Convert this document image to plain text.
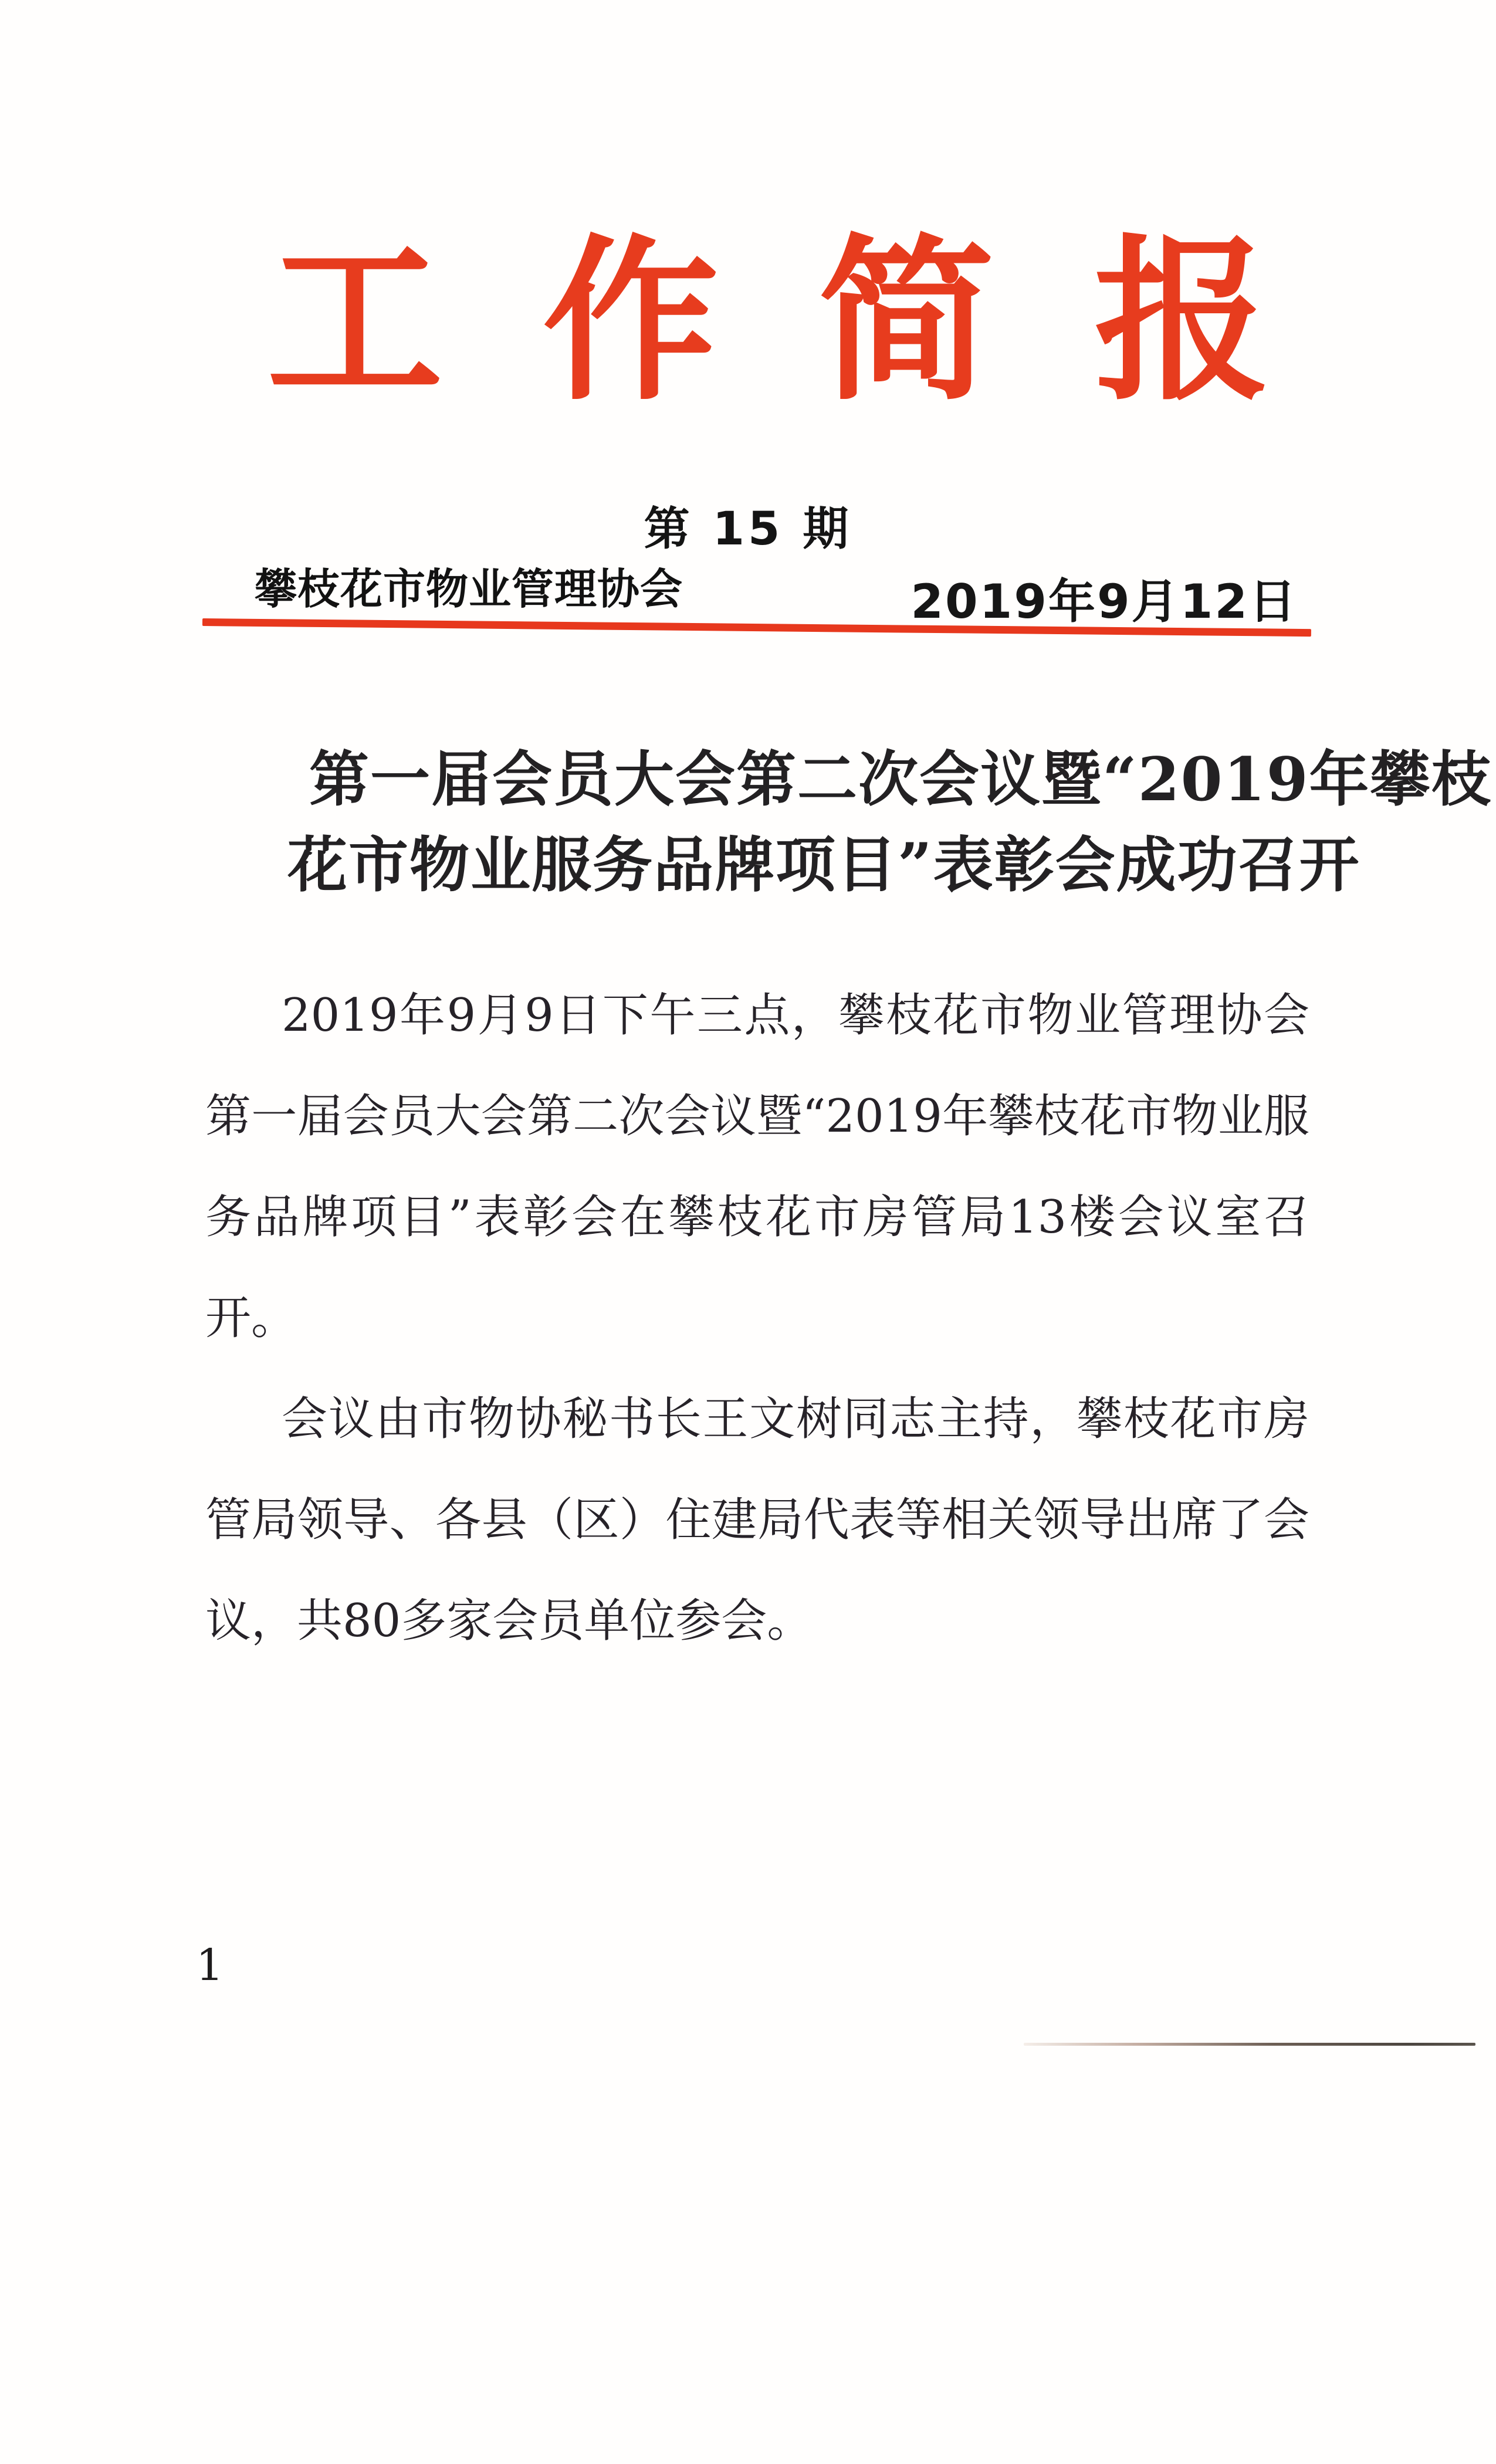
工作简报
第 15 期
攀枝花市物业管理协会	2019年9月12日
第一届会员大会第二次会议暨“2019年攀枝
花市物业服务品牌项目”表彰会成功召开

2019年9月9日下午三点，攀枝花市物业管理协会第一届会员大会第二次会议暨“2019年攀枝花市物业服务品牌项目”表彰会在攀枝花市房管局13楼会议室召开。

会议由市物协秘书长王文树同志主持，攀枝花市房管局领导、各县（区）住建局代表等相关领导出席了会议，共80多家会员单位参会。

1
